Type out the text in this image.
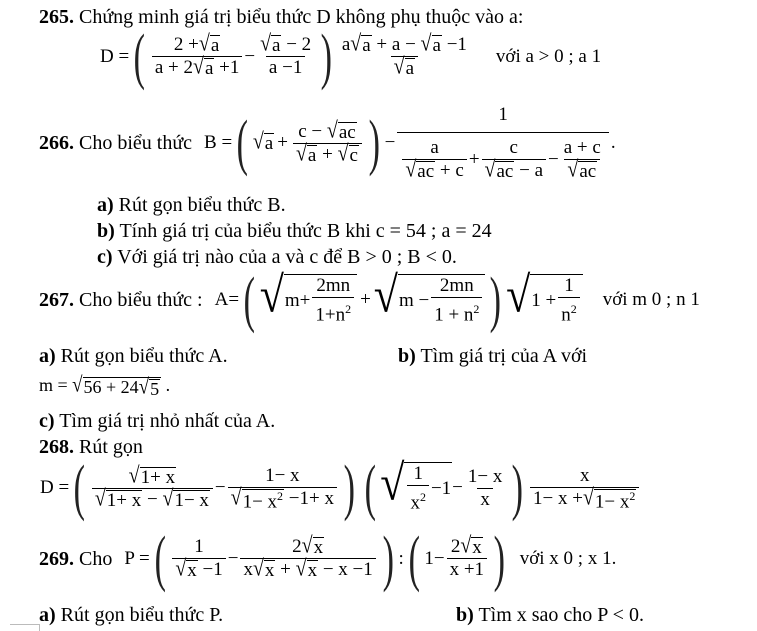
265. Chứng minh giá trị biểu thức D không phụ thuộc vào a:
D = ( $\frac{2 + √ a}{a + 2 √ a +1} - \frac{√ a - 2}{a -1}$ ) $\frac{a √ a + a - √ a -1}{√ a}$ với a > 0 ; a 1
266. Cho biểu thức B = ( √ $a + \frac{c - √ ac}{√ a + √ c}$ ) − $\frac{1}{\frac{a}{√ ac + c} + \frac{c}{√ ac - a} - \frac{a + c}{√ ac}}$ .
a) Rút gọn biểu thức B.
b) Tính giá trị của biểu thức B khi c = 54 ; a = 24
c) Với giá trị nào của a và c để B > 0 ; B < 0.
267. Cho biểu thức : A= ( √ $m+ \frac{2mn}{1+n^2}$ + √ $m - \frac{2mn}{1 + n^2}$ ) √ $1 + \frac{1}{n^2}$ với m 0 ; n 1
a) Rút gọn biểu thức A.	b) Tìm giá trị của A với
m = √ 56 + 24 √ 5 .
c) Tìm giá trị nhỏ nhất của A.
268. Rút gọn
D = ( $\frac{√ 1+ x}{√ 1+ x - √ 1- x} - \frac{1- x}{√ 1- x^2 -1+ x}$ ) ( √ $\frac{1}{x^2} -1 - \frac{1- x}{x}$ ) $\frac{x}{1- x + √ 1- x^2}$
269. Cho P = ( $\frac{1}{√ x -1} - \frac{2 √ x}{x √ x + √ x - x -1}$ ) : ( $1- \frac{2 √ x}{x +1}$ ) với x 0 ; x 1.
a) Rút gọn biểu thức P.	b) Tìm x sao cho P < 0.
